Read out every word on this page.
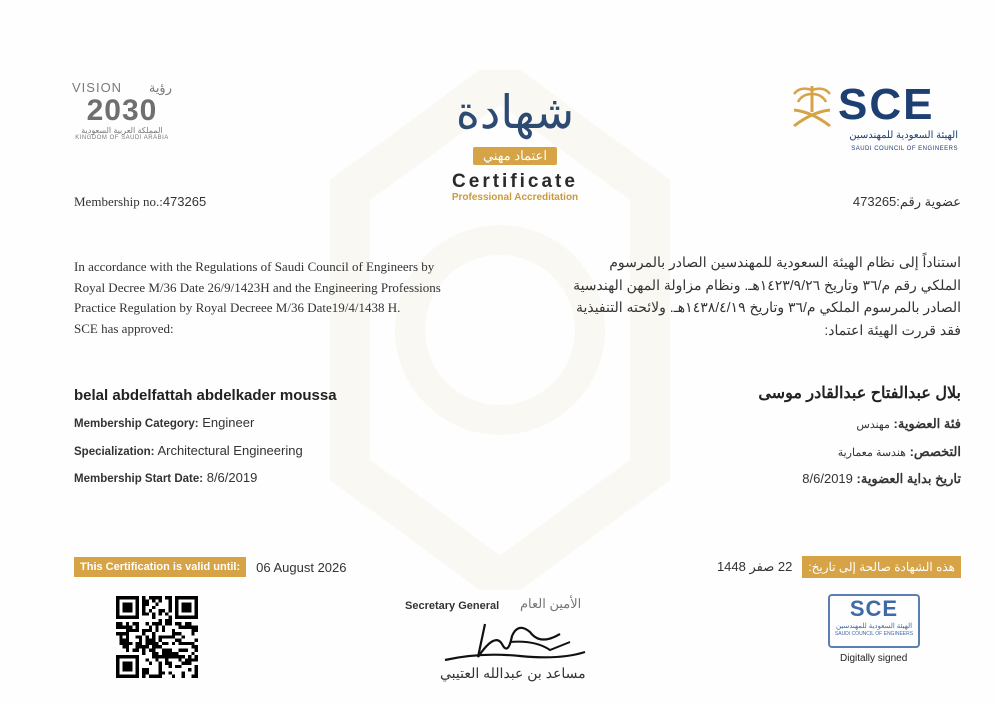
VISION رؤية
2030
المملكة العربية السعودية
KINGDOM OF SAUDI ARABIA
SCE
الهيئة السعودية للمهندسين
SAUDI COUNCIL OF ENGINEERS
شهادة
اعتماد مهني
Certificate
Professional Accreditation
Membership no.:473265	عضوية رقم:473265
In accordance with the Regulations of Saudi Council of Engineers by
Royal Decree M/36 Date 26/9/1423H and the Engineering Professions
Practice Regulation by Royal Decreee M/36 Date19/4/1438 H.
SCE has approved:
استناداً إلى نظام الهيئة السعودية للمهندسين الصادر بالمرسوم
الملكي رقم م/٣٦ وتاريخ ١٤٢٣/٩/٢٦هـ. ونظام مزاولة المهن الهندسية
الصادر بالمرسوم الملكي م/٣٦ وتاريخ ١٤٣٨/٤/١٩هـ. ولائحته التنفيذية
فقد قررت الهيئة اعتماد:
belal abdelfattah abdelkader moussa	بلال عبدالفتاح عبدالقادر موسى
Membership Category: Engineer
Specialization: Architectural Engineering
Membership Start Date: 8/6/2019
فئة العضوية: مهندس
التخصص: هندسة معمارية
تاريخ بداية العضوية: 8/6/2019
This Certification is valid until:	06 August 2026	هذه الشهادة صالحة إلى تاريخ:
22 صفر 1448
Secretary General الأمين العام
مساعد بن عبدالله العتيبي
SCE
الهيئة السعودية للمهندسين
SAUDI COUNCIL OF ENGINEERS
Digitally signed
